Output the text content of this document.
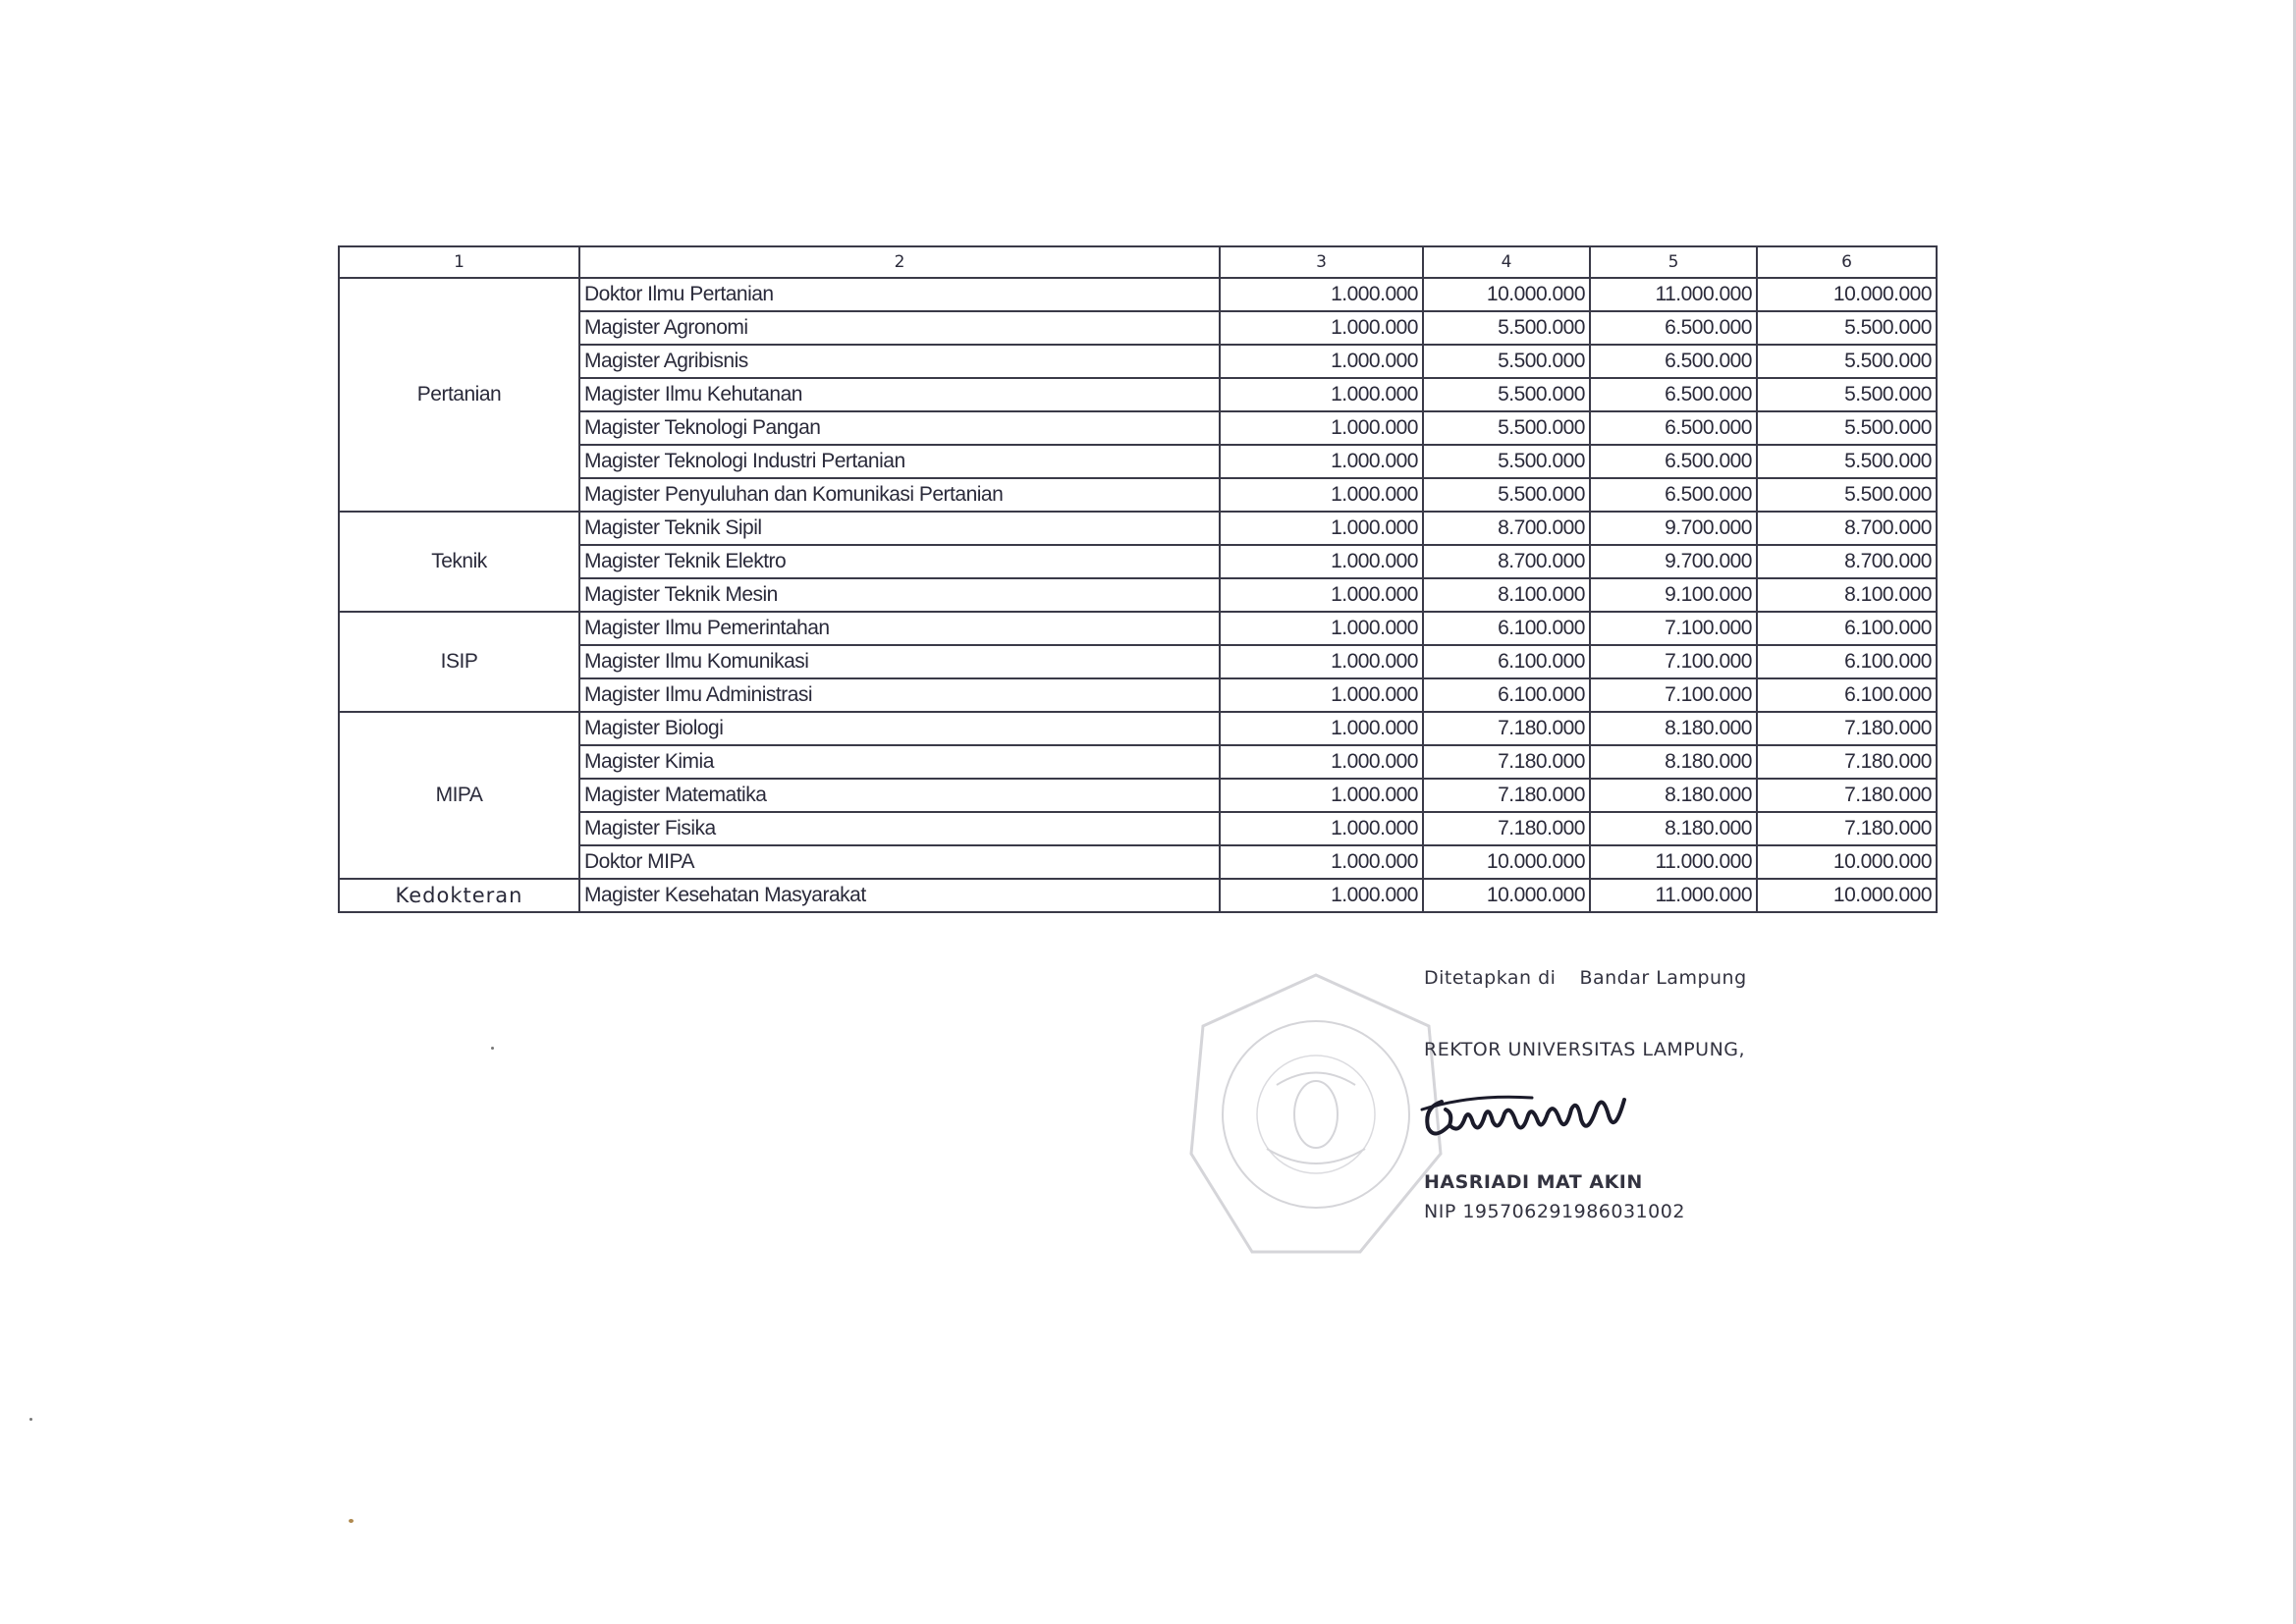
1	2	3	4	5	6
Pertanian	Doktor Ilmu Pertanian	1.000.000	10.000.000	11.000.000	10.000.000
	Magister Agronomi	1.000.000	5.500.000	6.500.000	5.500.000
	Magister Agribisnis	1.000.000	5.500.000	6.500.000	5.500.000
	Magister Ilmu Kehutanan	1.000.000	5.500.000	6.500.000	5.500.000
	Magister Teknologi Pangan	1.000.000	5.500.000	6.500.000	5.500.000
	Magister Teknologi Industri Pertanian	1.000.000	5.500.000	6.500.000	5.500.000
	Magister Penyuluhan dan Komunikasi Pertanian	1.000.000	5.500.000	6.500.000	5.500.000
Teknik	Magister Teknik Sipil	1.000.000	8.700.000	9.700.000	8.700.000
	Magister Teknik Elektro	1.000.000	8.700.000	9.700.000	8.700.000
	Magister Teknik Mesin	1.000.000	8.100.000	9.100.000	8.100.000
ISIP	Magister Ilmu Pemerintahan	1.000.000	6.100.000	7.100.000	6.100.000
	Magister Ilmu Komunikasi	1.000.000	6.100.000	7.100.000	6.100.000
	Magister Ilmu Administrasi	1.000.000	6.100.000	7.100.000	6.100.000
MIPA	Magister Biologi	1.000.000	7.180.000	8.180.000	7.180.000
	Magister Kimia	1.000.000	7.180.000	8.180.000	7.180.000
	Magister Matematika	1.000.000	7.180.000	8.180.000	7.180.000
	Magister Fisika	1.000.000	7.180.000	8.180.000	7.180.000
	Doktor MIPA	1.000.000	10.000.000	11.000.000	10.000.000
Kedokteran	Magister Kesehatan Masyarakat	1.000.000	10.000.000	11.000.000	10.000.000
Ditetapkan di Bandar Lampung
REKTOR UNIVERSITAS LAMPUNG,
HASRIADI MAT AKIN
NIP 195706291986031002
